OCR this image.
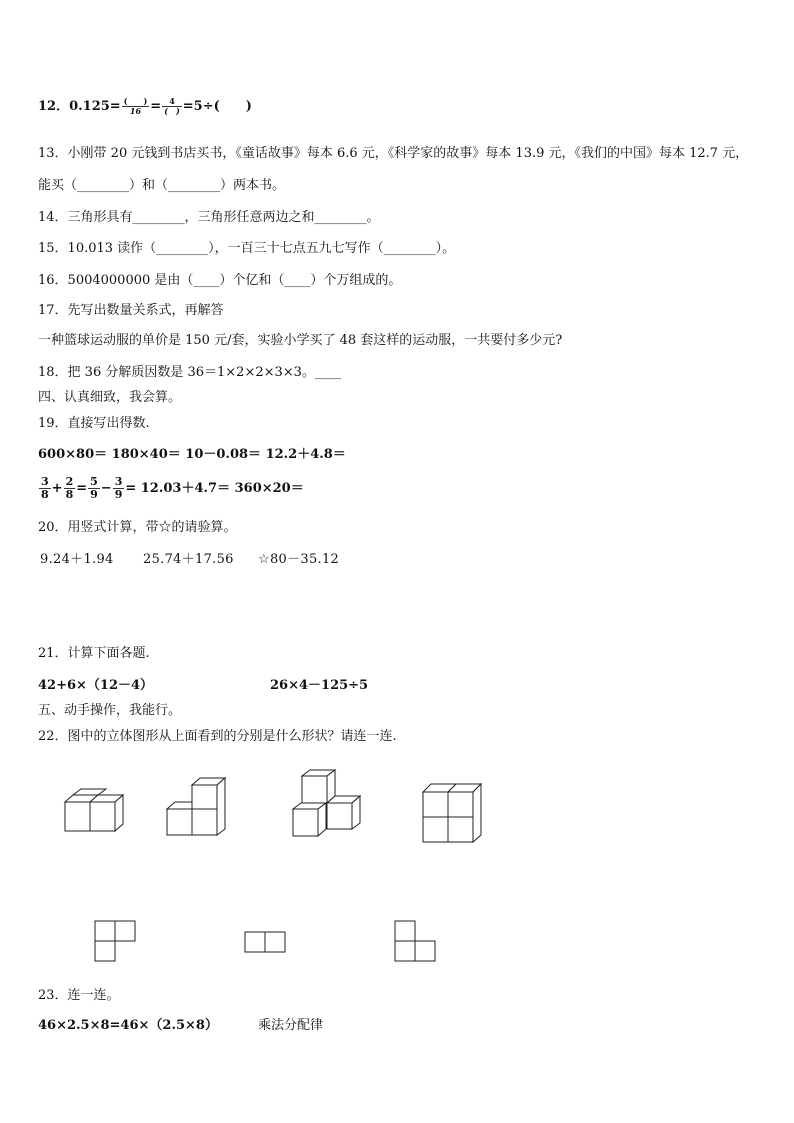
12．$0.125= \frac{( )}{16} = \frac{4}{( )} =5\div$(　　)
13．小刚带 20 元钱到书店买书，《童话故事》每本 6.6 元，《科学家的故事》每本 13.9 元，《我们的中国》每本 12.7 元，
能买（________）和（________）两本书。
14．三角形具有________，三角形任意两边之和________。
15．10.013 读作（________），一百三十七点五九七写作（________）。
16．5004000000 是由（____）个亿和（____）个万组成的。
17．先写出数量关系式，再解答
一种篮球运动服的单价是 150 元/套，实验小学买了 48 套这样的运动服，一共要付多少元?
18．把 36 分解质因数是 36＝1×2×2×3×3。____
四、认真细致，我会算。
19．直接写出得数.
600×80＝ 180×40＝ 10－0.08＝ 12.2＋4.8＝
$\frac{3}{8} + \frac{2}{8} = \frac{5}{9} - \frac{3}{9} = 12.03+4.7= 360\times 20=$
20．用竖式计算，带☆的请验算。
9.24＋1.94 25.74＋17.56 ☆80－35.12
21．计算下面各题.
42+6×（12－4）	26×4－125÷5
五、动手操作，我能行。
22．图中的立体图形从上面看到的分别是什么形状？请连一连.
23．连一连。
46×2.5×8=46×（2.5×8）	乘法分配律
